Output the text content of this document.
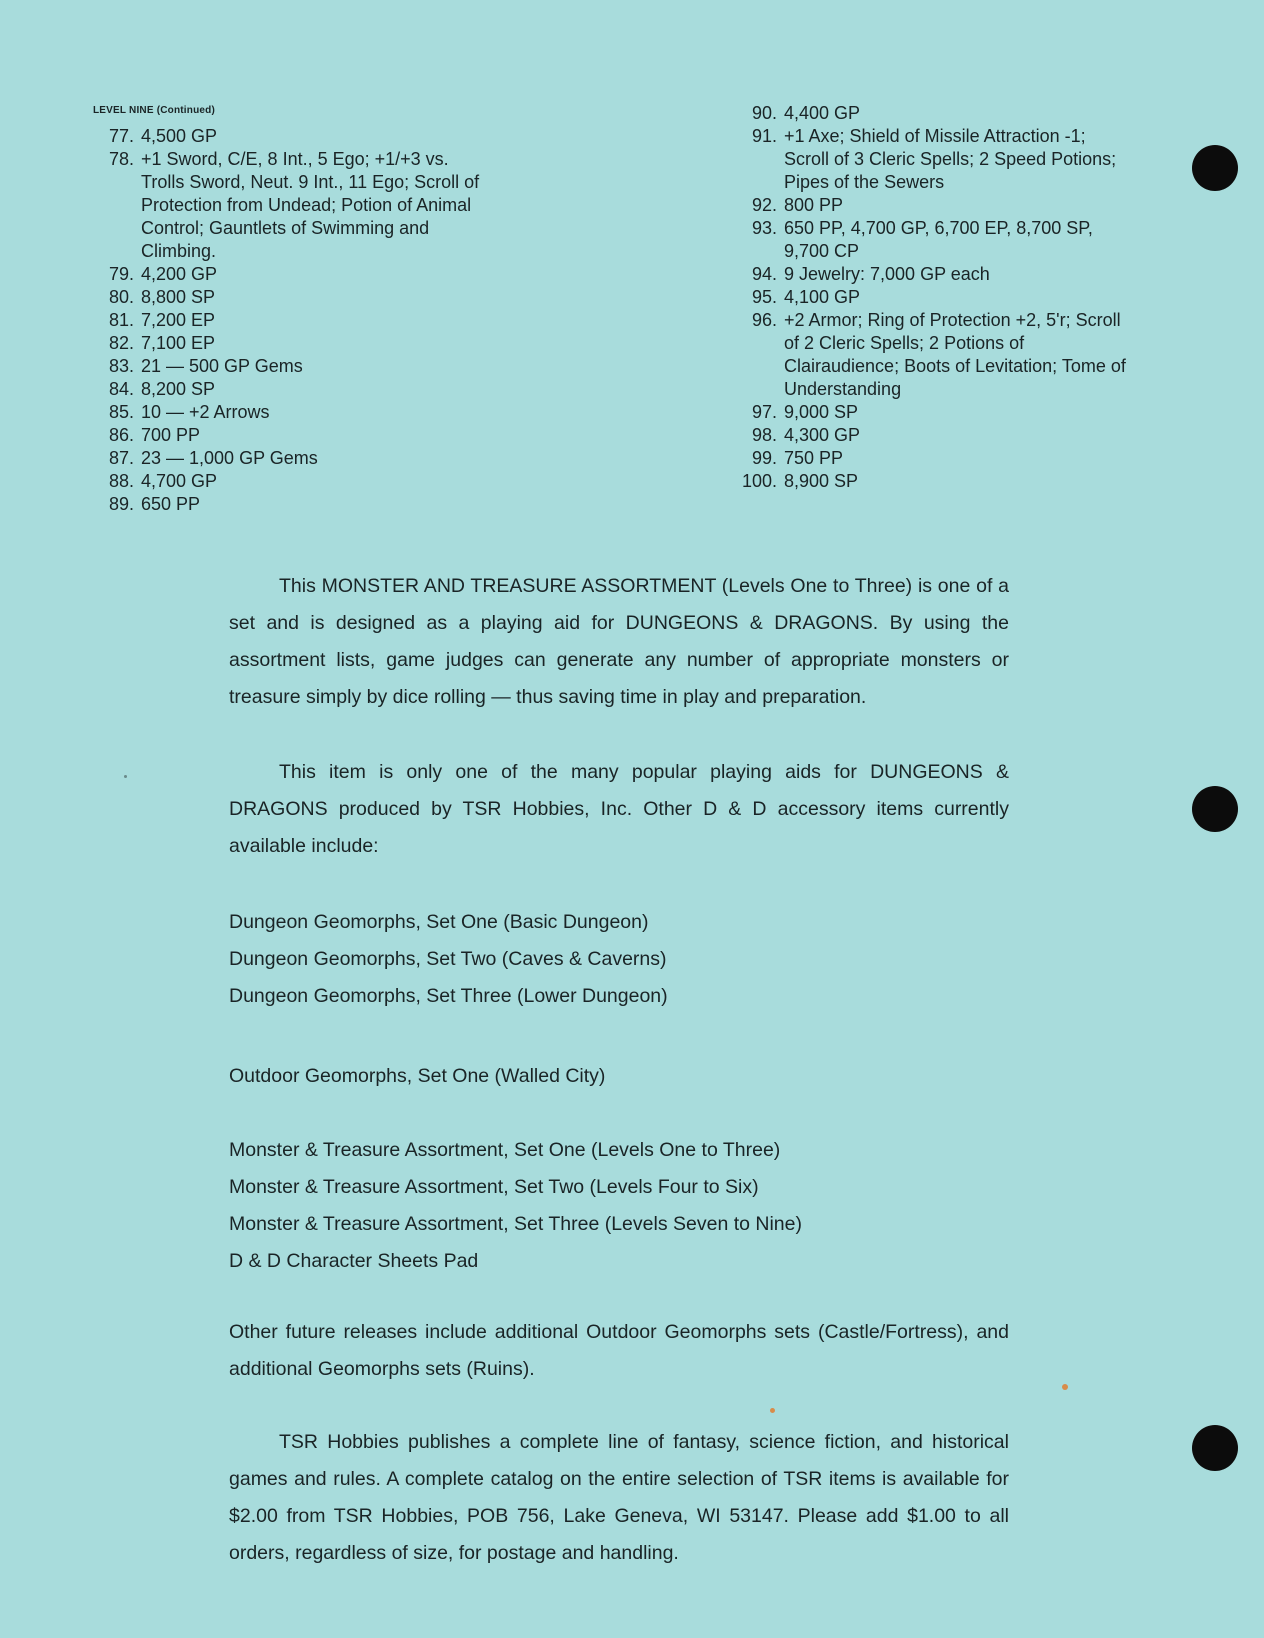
LEVEL NINE (Continued)
77. 4,500 GP
78. +1 Sword, C/E, 8 Int., 5 Ego; +1/+3 vs. Trolls Sword, Neut. 9 Int., 11 Ego; Scroll of Protection from Undead; Potion of Animal Control; Gauntlets of Swimming and Climbing.
79. 4,200 GP
80. 8,800 SP
81. 7,200 EP
82. 7,100 EP
83. 21 — 500 GP Gems
84. 8,200 SP
85. 10 — +2 Arrows
86. 700 PP
87. 23 — 1,000 GP Gems
88. 4,700 GP
89. 650 PP
90. 4,400 GP
91. +1 Axe; Shield of Missile Attraction -1; Scroll of 3 Cleric Spells; 2 Speed Potions; Pipes of the Sewers
92. 800 PP
93. 650 PP, 4,700 GP, 6,700 EP, 8,700 SP, 9,700 CP
94. 9 Jewelry: 7,000 GP each
95. 4,100 GP
96. +2 Armor; Ring of Protection +2, 5'r; Scroll of 2 Cleric Spells; 2 Potions of Clairaudience; Boots of Levitation; Tome of Understanding
97. 9,000 SP
98. 4,300 GP
99. 750 PP
100. 8,900 SP

This MONSTER AND TREASURE ASSORTMENT (Levels One to Three) is one of a set and is designed as a playing aid for DUNGEONS & DRAGONS. By using the assortment lists, game judges can generate any number of appropriate monsters or treasure simply by dice rolling — thus saving time in play and preparation.

This item is only one of the many popular playing aids for DUNGEONS & DRAGONS produced by TSR Hobbies, Inc. Other D & D accessory items currently available include:

Dungeon Geomorphs, Set One (Basic Dungeon)
Dungeon Geomorphs, Set Two (Caves & Caverns)
Dungeon Geomorphs, Set Three (Lower Dungeon)
Outdoor Geomorphs, Set One (Walled City)
Monster & Treasure Assortment, Set One (Levels One to Three)
Monster & Treasure Assortment, Set Two (Levels Four to Six)
Monster & Treasure Assortment, Set Three (Levels Seven to Nine)
D & D Character Sheets Pad

Other future releases include additional Outdoor Geomorphs sets (Castle/Fortress), and additional Geomorphs sets (Ruins).

TSR Hobbies publishes a complete line of fantasy, science fiction, and historical games and rules. A complete catalog on the entire selection of TSR items is available for $2.00 from TSR Hobbies, POB 756, Lake Geneva, WI 53147. Please add $1.00 to all orders, regardless of size, for postage and handling.
